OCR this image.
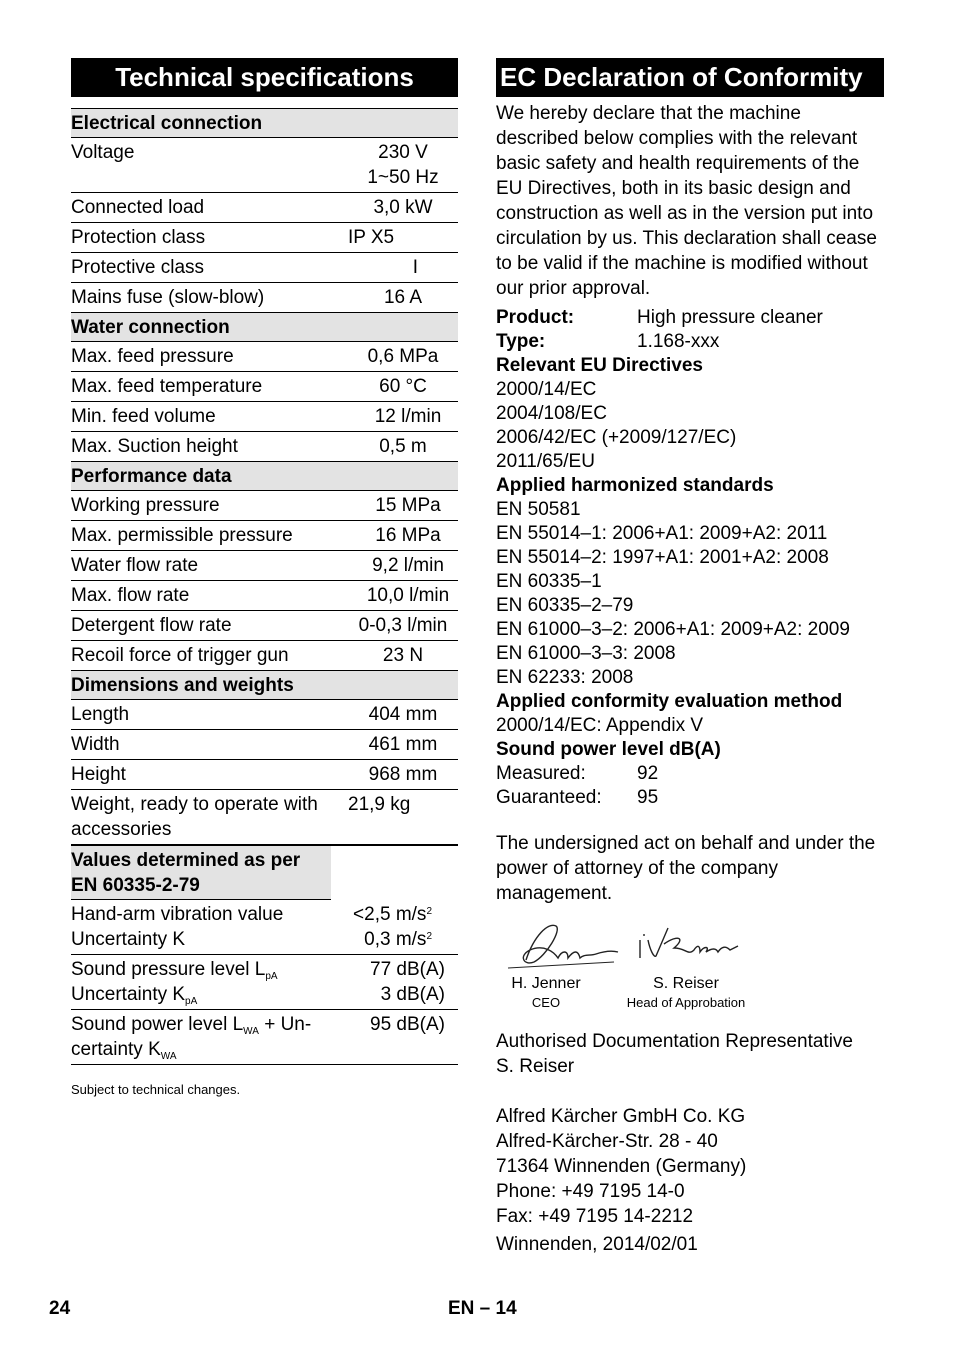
Technical specifications
Electrical connection
Voltage	230 V
1~50 Hz
Connected load	3,0 kW
Protection class	IP X5
Protective class	I
Mains fuse (slow-blow)	16 A
Water connection
Max. feed pressure	0,6 MPa
Max. feed temperature	60 °C
Min. feed volume	12 l/min
Max. Suction height	0,5 m
Performance data
Working pressure	15 MPa
Max. permissible pressure	16 MPa
Water flow rate	9,2 l/min
Max. flow rate	10,0 l/min
Detergent flow rate	0-0,3 l/min
Recoil force of trigger gun	23 N
Dimensions and weights
Length	404 mm
Width	461 mm
Height	968 mm
Weight, ready to operate with accessories
21,9 kg
Values determined as per EN 60335-2-79
Hand-arm vibration value	<2,5 $m/s^2$
Uncertainty K	0,3 $m/s^2$
Sound pressure level $L_{pA}$	77 dB(A)
Uncertainty $K_{pA}$	3 dB(A)
Sound power level $L_{WA} + Un-$	95 dB(A)
certainty $K_{WA}$
Subject to technical changes.
EC Declaration of Conformity
We hereby declare that the machine described below complies with the relevant basic safety and health requirements of the EU Directives, both in its basic design and construction as well as in the version put into circulation by us. This declaration shall cease to be valid if the machine is modified without our prior approval.
Product:	High pressure cleaner
Type:	1.168-xxx
Relevant EU Directives
2000/14/EC
2004/108/EC
2006/42/EC (+2009/127/EC)
2011/65/EU
Applied harmonized standards
EN 50581
EN 55014–1: 2006+A1: 2009+A2: 2011
EN 55014–2: 1997+A1: 2001+A2: 2008
EN 60335–1
EN 60335–2–79
EN 61000–3–2: 2006+A1: 2009+A2: 2009
EN 61000–3–3: 2008
EN 62233: 2008
Applied conformity evaluation method
2000/14/EC: Appendix V
Sound power level dB(A)
Measured:	92
Guaranteed:	95
The undersigned act on behalf and under the power of attorney of the company management.
H. Jenner
CEO
S. Reiser
Head of Approbation
Authorised Documentation Representative
S. Reiser
Alfred Kärcher GmbH Co. KG
Alfred-Kärcher-Str. 28 - 40
71364 Winnenden (Germany)
Phone: +49 7195 14-0
Fax: +49 7195 14-2212
Winnenden, 2014/02/01
24	EN – 14
